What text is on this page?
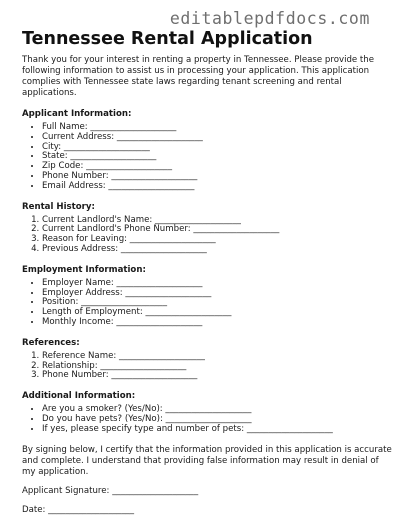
editablepdfdocs.com
Tennessee Rental Application

Thank you for your interest in renting a property in Tennessee. Please provide the following information to assist us in processing your application. This application complies with Tennessee state laws regarding tenant screening and rental applications.

Applicant Information:
• Full Name: ____________________
• Current Address: ____________________
• City: ____________________
• State: ____________________
• Zip Code: ____________________
• Phone Number: ____________________
• Email Address: ____________________
Rental History:
1. Current Landlord's Name: ____________________
2. Current Landlord's Phone Number: ____________________
3. Reason for Leaving: ____________________
4. Previous Address: ____________________
Employment Information:
• Employer Name: ____________________
• Employer Address: ____________________
• Position: ____________________
• Length of Employment: ____________________
• Monthly Income: ____________________
References:
1. Reference Name: ____________________
2. Relationship: ____________________
3. Phone Number: ____________________
Additional Information:
• Are you a smoker? (Yes/No): ____________________
• Do you have pets? (Yes/No): ____________________
• If yes, please specify type and number of pets: ____________________

By signing below, I certify that the information provided in this application is accurate and complete. I understand that providing false information may result in denial of my application.

Applicant Signature: ____________________

Date: ____________________
